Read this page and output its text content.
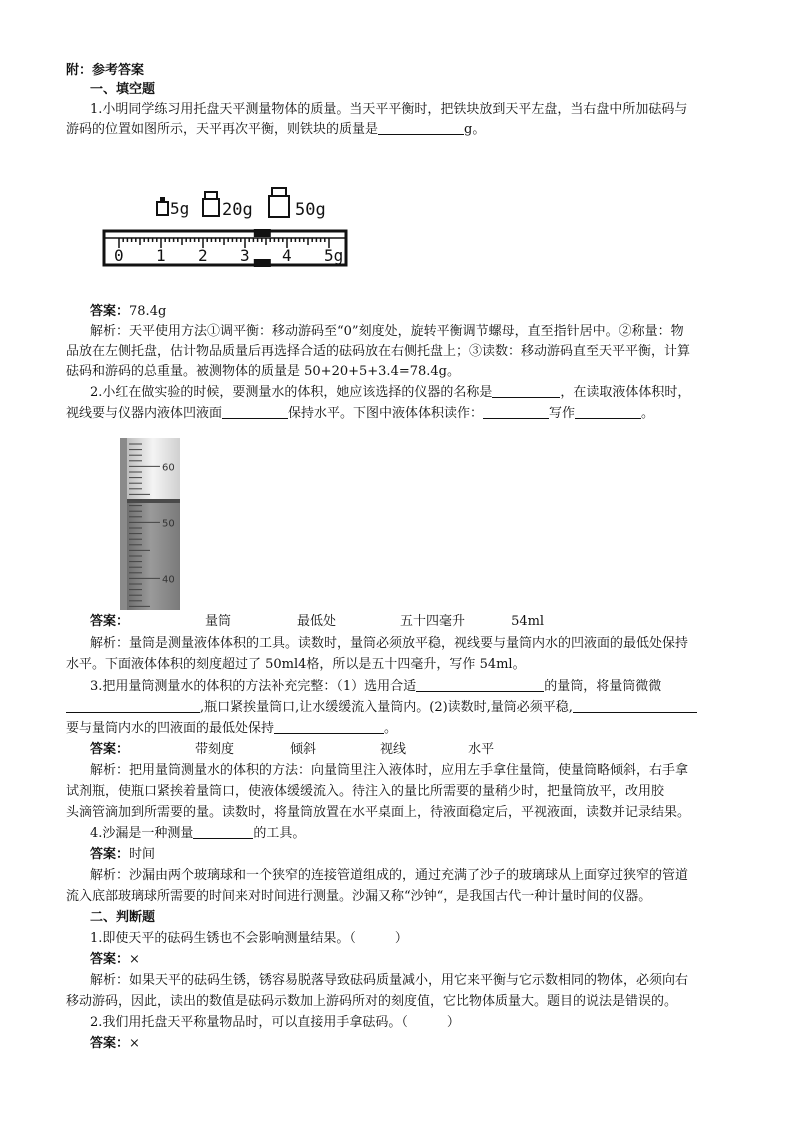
附：参考答案
一、填空题
1.小明同学练习用托盘天平测量物体的质量。当天平平衡时，把铁块放到天平左盘，当右盘中所加砝码与
游码的位置如图所示，天平再次平衡，则铁块的质量是	g。
5g 20g 50g
0 1 2 3 4 5g
答案：78.4g
解析：天平使用方法①调平衡：移动游码至“0”刻度处，旋转平衡调节螺母，直至指针居中。②称量：物
品放在左侧托盘，估计物品质量后再选择合适的砝码放在右侧托盘上；③读数：移动游码直至天平平衡，计算
砝码和游码的总重量。被测物体的质量是 50+20+5+3.4=78.4g。
2.小红在做实验的时候，要测量水的体积，她应该选择的仪器的名称是	，在读取液体体积时，
视线要与仪器内液体凹液面	保持水平。下图中液体体积读作：	写作	。
60
50
40
答案：	量筒	最低处	五十四毫升	54ml
解析：量筒是测量液体体积的工具。读数时，量筒必须放平稳，视线要与量筒内水的凹液面的最低处保持
水平。下面液体体积的刻度超过了 50ml4格，所以是五十四毫升，写作 54ml。
3.把用量筒测量水的体积的方法补充完整：（1）选用合适	的量筒，将量筒微微
,瓶口紧挨量筒口,让水缓缓流入量筒内。(2)读数时,量筒必须平稳,
要与量筒内水的凹液面的最低处保持	。
答案：	带刻度	倾斜	视线	水平
解析：把用量筒测量水的体积的方法：向量筒里注入液体时，应用左手拿住量筒，使量筒略倾斜，右手拿
试剂瓶，使瓶口紧挨着量筒口，使液体缓缓流入。待注入的量比所需要的量稍少时，把量筒放平，改用胶
头滴管滴加到所需要的量。读数时，将量筒放置在水平桌面上，待液面稳定后，平视液面，读数并记录结果。
4.沙漏是一种测量	的工具。
答案：时间
解析：沙漏由两个玻璃球和一个狭窄的连接管道组成的，通过充满了沙子的玻璃球从上面穿过狭窄的管道
流入底部玻璃球所需要的时间来对时间进行测量。沙漏又称“沙钟“，是我国古代一种计量时间的仪器。
二、判断题
1.即使天平的砝码生锈也不会影响测量结果。（　　　）
答案：×
解析：如果天平的砝码生锈，锈容易脱落导致砝码质量减小，用它来平衡与它示数相同的物体，必须向右
移动游码，因此，读出的数值是砝码示数加上游码所对的刻度值，它比物体质量大。题目的说法是错误的。
2.我们用托盘天平称量物品时，可以直接用手拿砝码。（　　　）
答案：×
